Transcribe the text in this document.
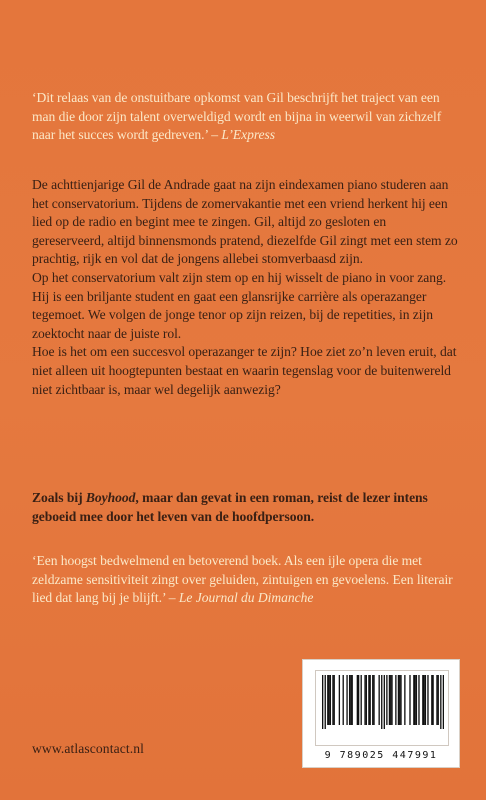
‘Dit relaas van de onstuitbare opkomst van Gil beschrijft het traject van een man die door zijn talent overweldigd wordt en bijna in weerwil van zichzelf naar het succes wordt gedreven.’ – L’Express

De achttienjarige Gil de Andrade gaat na zijn eindexamen piano studeren aan het conservatorium. Tijdens de zomervakantie met een vriend herkent hij een lied op de radio en begint mee te zingen. Gil, altijd zo gesloten en gereserveerd, altijd binnensmonds pratend, diezelfde Gil zingt met een stem zo prachtig, rijk en vol dat de jongens allebei stomverbaasd zijn.

Op het conservatorium valt zijn stem op en hij wisselt de piano in voor zang. Hij is een briljante student en gaat een glansrijke carrière als operazanger tegemoet. We volgen de jonge tenor op zijn reizen, bij de repetities, in zijn zoektocht naar de juiste rol.

Hoe is het om een succesvol operazanger te zijn? Hoe ziet zo’n leven eruit, dat niet alleen uit hoogtepunten bestaat en waarin tegenslag voor de buitenwereld niet zichtbaar is, maar wel degelijk aanwezig?

Zoals bij Boyhood, maar dan gevat in een roman, reist de lezer intens geboeid mee door het leven van de hoofdpersoon.
‘Een hoogst bedwelmend en betoverend boek. Als een ijle opera die met zeldzame sensitiviteit zingt over geluiden, zintuigen en gevoelens. Een literair lied dat lang bij je blijft.’ – Le Journal du Dimanche
www.atlascontact.nl	9 789025 447991
